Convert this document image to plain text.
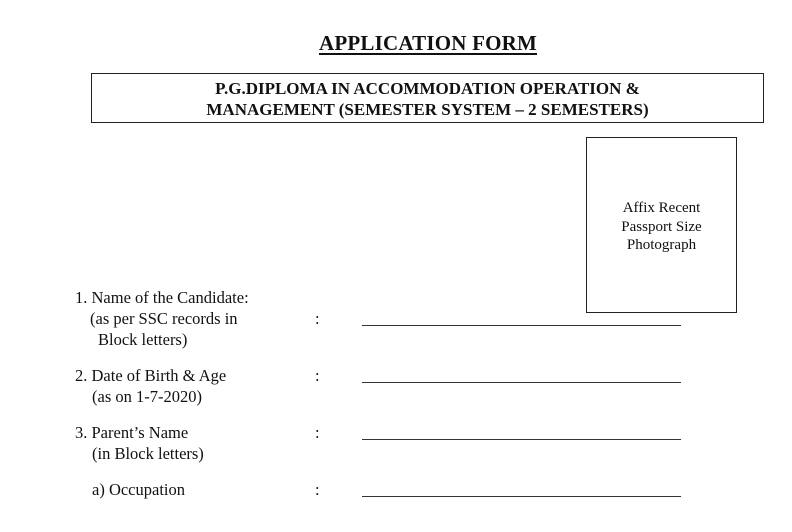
APPLICATION FORM
P.G.DIPLOMA IN ACCOMMODATION OPERATION &
MANAGEMENT (SEMESTER SYSTEM – 2 SEMESTERS)
Affix Recent
Passport Size
Photograph
1. Name of the Candidate:
(as per SSC records in
Block letters)
:
2. Date of Birth & Age
(as on 1-7-2020)
:
3. Parent’s Name
(in Block letters)
:
a) Occupation	:
